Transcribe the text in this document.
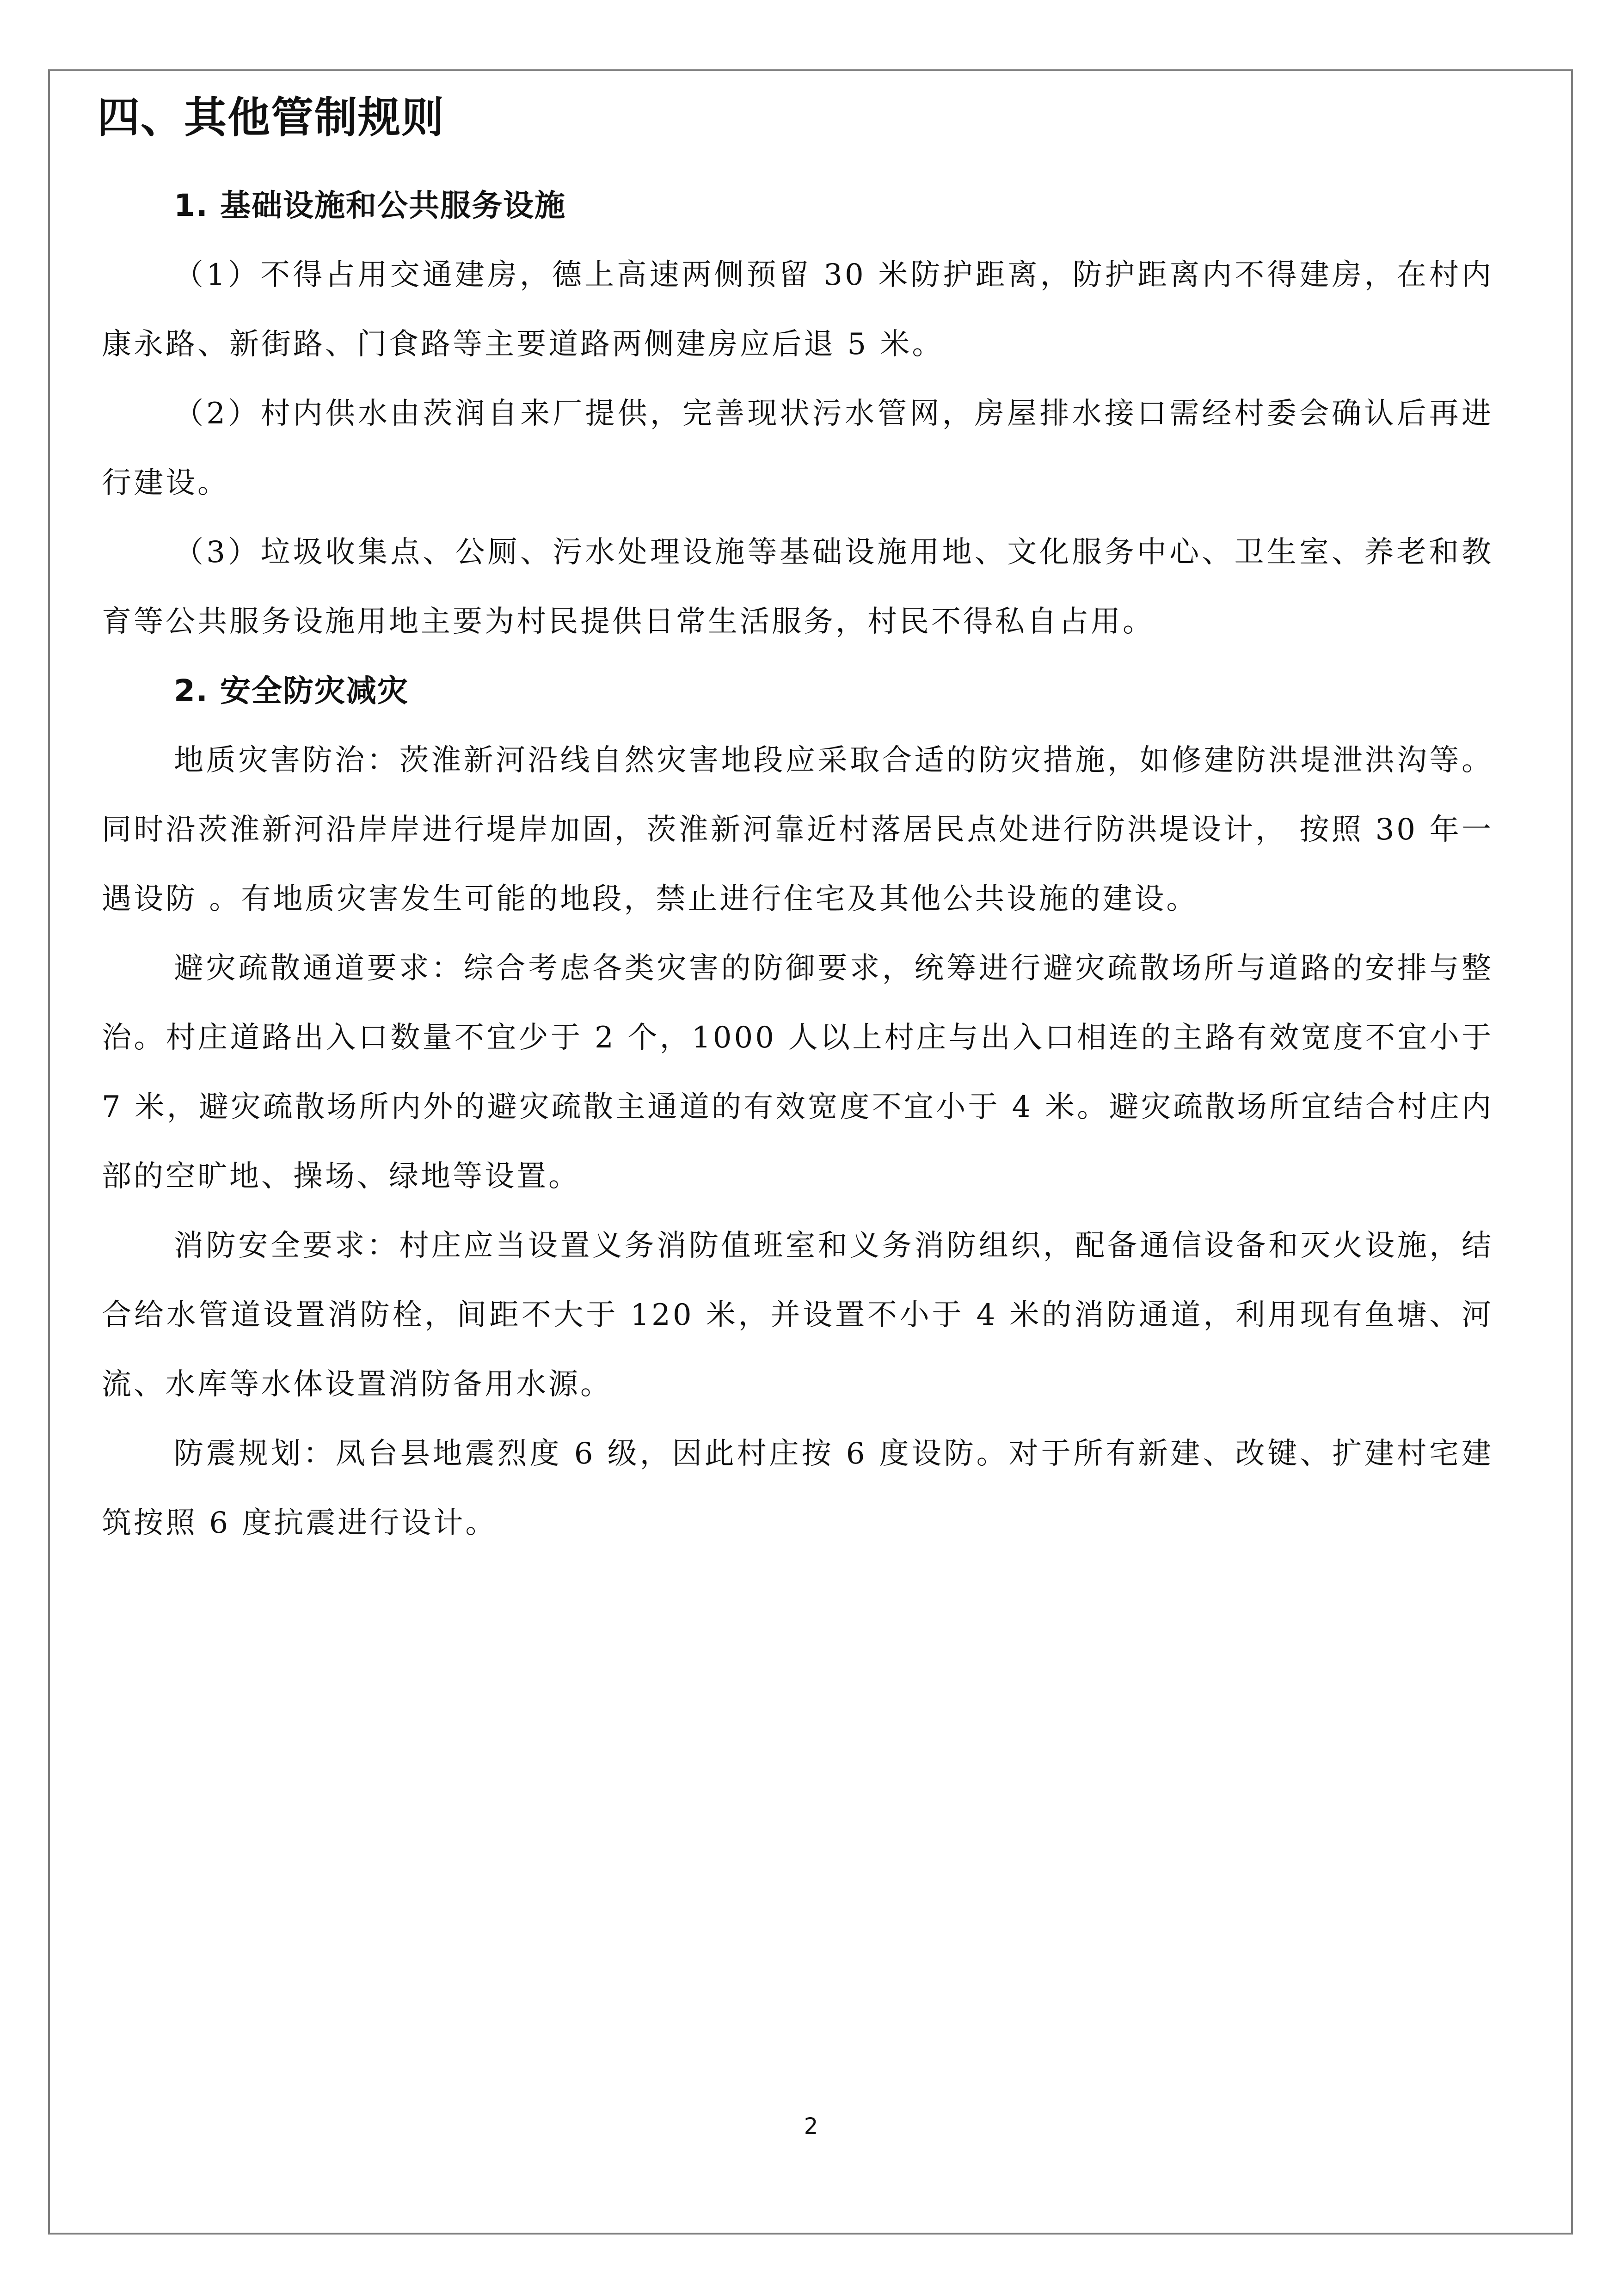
四、其他管制规则
1. 基础设施和公共服务设施

（1）不得占用交通建房，德上高速两侧预留 30 米防护距离，防护距离内不得建房，在村内康永路、新街路、门食路等主要道路两侧建房应后退 5 米。

（2）村内供水由茨润自来厂提供，完善现状污水管网，房屋排水接口需经村委会确认后再进行建设。

（3）垃圾收集点、公厕、污水处理设施等基础设施用地、文化服务中心、卫生室、养老和教育等公共服务设施用地主要为村民提供日常生活服务，村民不得私自占用。

2. 安全防灾减灾

地质灾害防治：茨淮新河沿线自然灾害地段应采取合适的防灾措施，如修建防洪堤泄洪沟等。同时沿茨淮新河沿岸岸进行堤岸加固，茨淮新河靠近村落居民点处进行防洪堤设计， 按照 30 年一遇设防 。有地质灾害发生可能的地段，禁止进行住宅及其他公共设施的建设。

避灾疏散通道要求：综合考虑各类灾害的防御要求，统筹进行避灾疏散场所与道路的安排与整治。村庄道路出入口数量不宜少于 2 个，1000 人以上村庄与出入口相连的主路有效宽度不宜小于 7 米，避灾疏散场所内外的避灾疏散主通道的有效宽度不宜小于 4 米。避灾疏散场所宜结合村庄内部的空旷地、操场、绿地等设置。

消防安全要求：村庄应当设置义务消防值班室和义务消防组织，配备通信设备和灭火设施，结合给水管道设置消防栓，间距不大于 120 米，并设置不小于 4 米的消防通道，利用现有鱼塘、河流、水库等水体设置消防备用水源。

防震规划：凤台县地震烈度 6 级，因此村庄按 6 度设防。对于所有新建、改键、扩建村宅建筑按照 6 度抗震进行设计。

2
